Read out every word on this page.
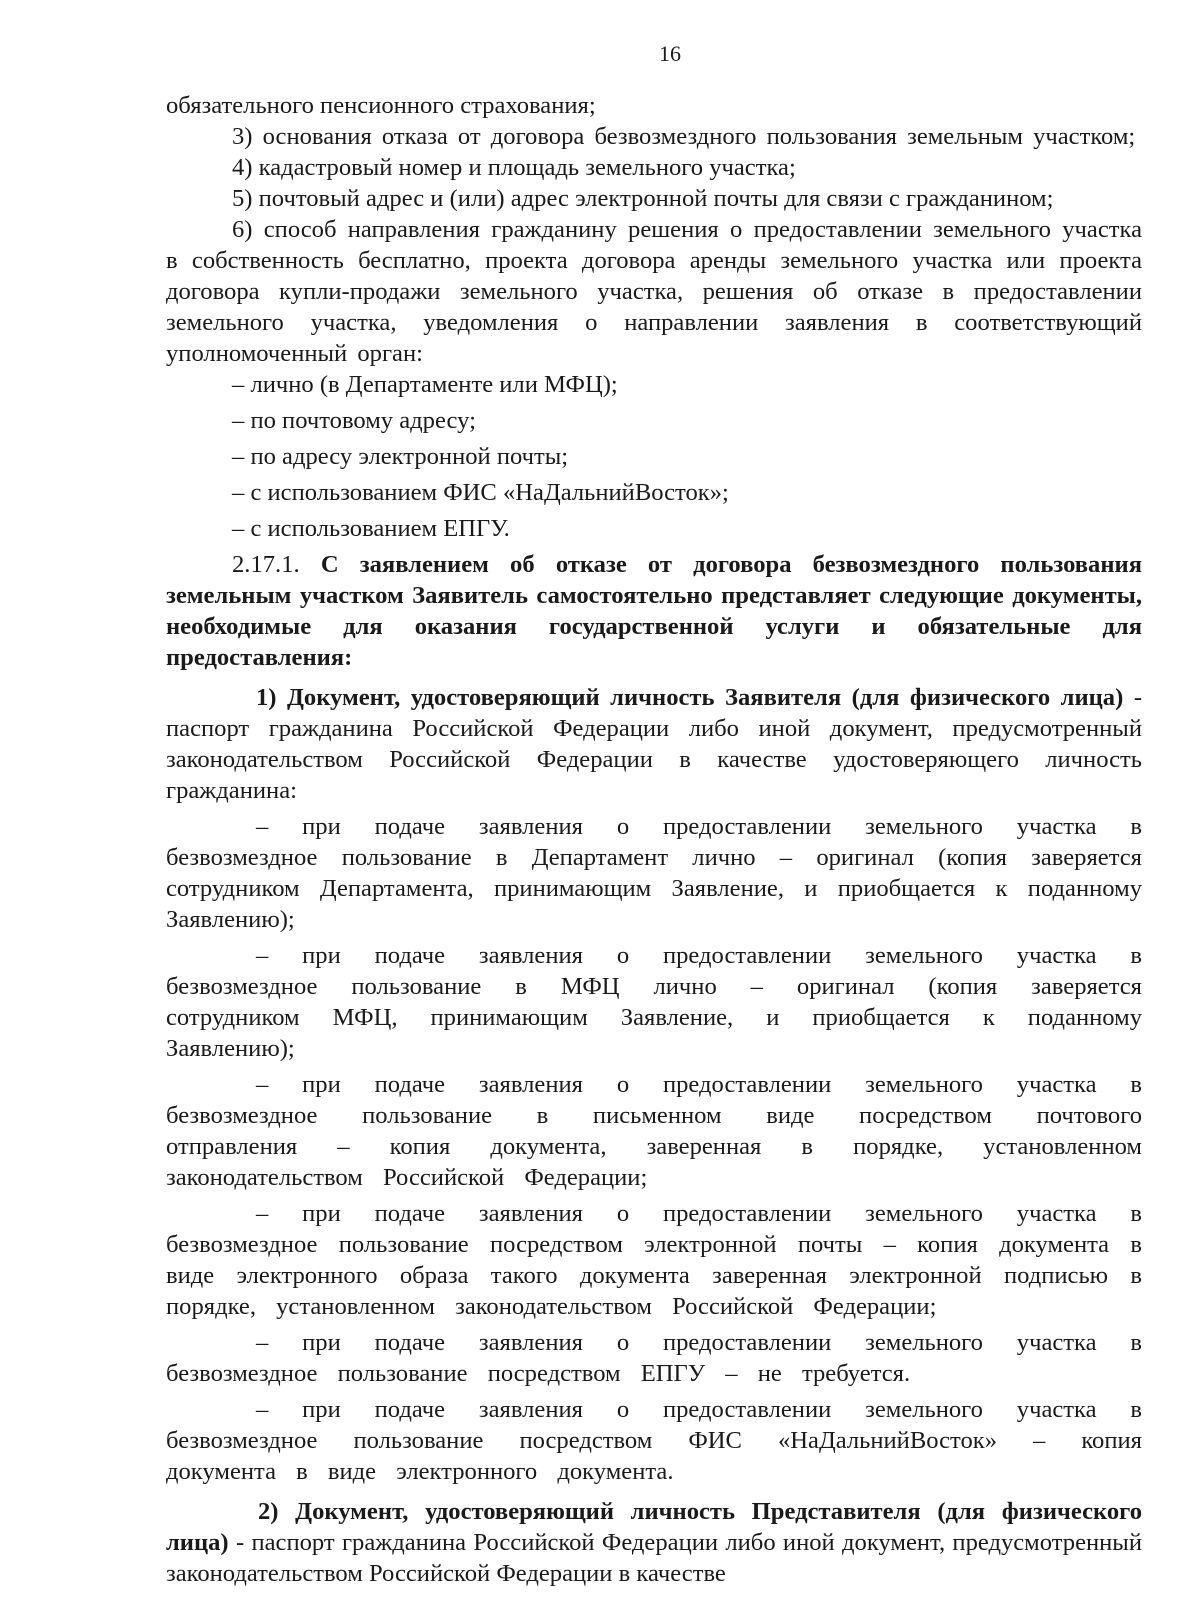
16

обязательного пенсионного страхования;

3) основания отказа от договора безвозмездного пользования земельным участком;

4) кадастровый номер и площадь земельного участка;

5) почтовый адрес и (или) адрес электронной почты для связи с гражданином;

6) способ направления гражданину решения о предоставлении земельного участка в собственность бесплатно, проекта договора аренды земельного участка или проекта договора купли-продажи земельного участка, решения об отказе в предоставлении земельного участка, уведомления о направлении заявления в соответствующий уполномоченный орган:

– лично (в Департаменте или МФЦ);

– по почтовому адресу;

– по адресу электронной почты;

– с использованием ФИС «НаДальнийВосток»;

– с использованием ЕПГУ.

2.17.1. С заявлением об отказе от договора безвозмездного пользования земельным участком Заявитель самостоятельно представляет следующие документы, необходимые для оказания государственной услуги и обязательные для предоставления:

1) Документ, удостоверяющий личность Заявителя (для физического лица) - паспорт гражданина Российской Федерации либо иной документ, предусмотренный законодательством Российской Федерации в качестве удостоверяющего личность гражданина:

– при подаче заявления о предоставлении земельного участка в безвозмездное пользование в Департамент лично – оригинал (копия заверяется сотрудником Департамента, принимающим Заявление, и приобщается к поданному Заявлению);

– при подаче заявления о предоставлении земельного участка в безвозмездное пользование в МФЦ лично – оригинал (копия заверяется сотрудником МФЦ, принимающим Заявление, и приобщается к поданному Заявлению);

– при подаче заявления о предоставлении земельного участка в безвозмездное пользование в письменном виде посредством почтового отправления – копия документа, заверенная в порядке, установленном законодательством Российской Федерации;

– при подаче заявления о предоставлении земельного участка в безвозмездное пользование посредством электронной почты – копия документа в виде электронного образа такого документа заверенная электронной подписью в порядке, установленном законодательством Российской Федерации;

– при подаче заявления о предоставлении земельного участка в безвозмездное пользование посредством ЕПГУ – не требуется.

– при подаче заявления о предоставлении земельного участка в безвозмездное пользование посредством ФИС «НаДальнийВосток» – копия документа в виде электронного документа.

2) Документ, удостоверяющий личность Представителя (для физического лица) - паспорт гражданина Российской Федерации либо иной документ, предусмотренный законодательством Российской Федерации в качестве
